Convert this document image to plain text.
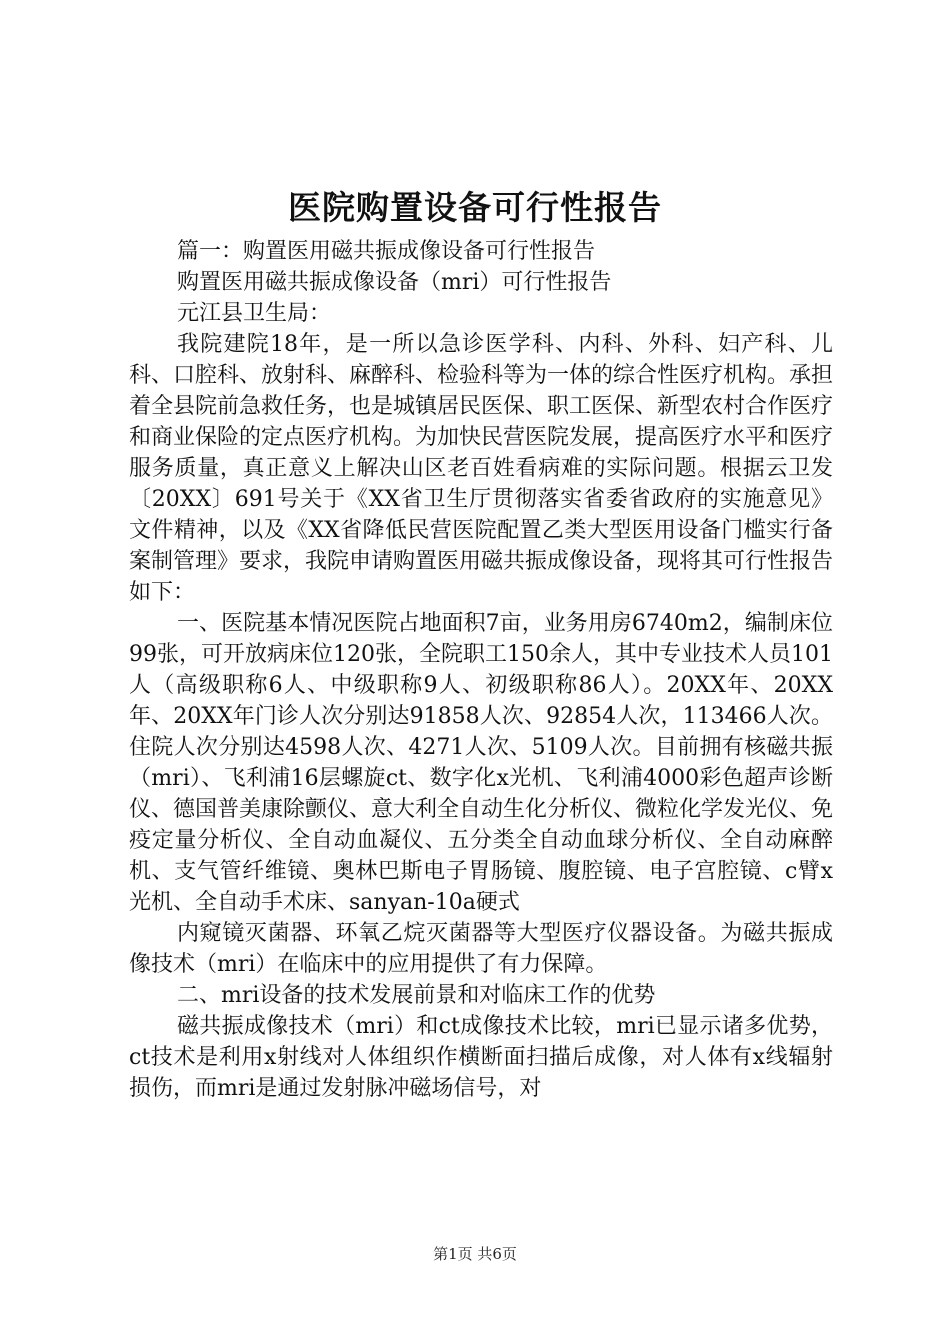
医院购置设备可行性报告

篇一：购置医用磁共振成像设备可行性报告

购置医用磁共振成像设备（mri）可行性报告

元江县卫生局：

我院建院18年，是一所以急诊医学科、内科、外科、妇产科、儿科、口腔科、放射科、麻醉科、检验科等为一体的综合性医疗机构。承担着全县院前急救任务，也是城镇居民医保、职工医保、新型农村合作医疗和商业保险的定点医疗机构。为加快民营医院发展，提高医疗水平和医疗服务质量，真正意义上解决山区老百姓看病难的实际问题。根据云卫发〔20XX〕691号关于《XX省卫生厅贯彻落实省委省政府的实施意见》文件精神，以及《XX省降低民营医院配置乙类大型医用设备门槛实行备案制管理》要求，我院申请购置医用磁共振成像设备，现将其可行性报告如下：

一、医院基本情况医院占地面积7亩，业务用房6740m2，编制床位99张，可开放病床位120张，全院职工150余人，其中专业技术人员101人（高级职称6人、中级职称9人、初级职称86人）。20XX年、20XX年、20XX年门诊人次分别达91858人次、92854人次，113466人次。住院人次分别达4598人次、4271人次、5109人次。目前拥有核磁共振（mri）、飞利浦16层螺旋ct、数字化x光机、飞利浦4000彩色超声诊断仪、德国普美康除颤仪、意大利全自动生化分析仪、微粒化学发光仪、免疫定量分析仪、全自动血凝仪、五分类全自动血球分析仪、全自动麻醉机、支气管纤维镜、奥林巴斯电子胃肠镜、腹腔镜、电子宫腔镜、c臂x光机、全自动手术床、sanyan-10a硬式

内窥镜灭菌器、环氧乙烷灭菌器等大型医疗仪器设备。为磁共振成像技术（mri）在临床中的应用提供了有力保障。

二、mri设备的技术发展前景和对临床工作的优势

磁共振成像技术（mri）和ct成像技术比较，mri已显示诸多优势，ct技术是利用x射线对人体组织作横断面扫描后成像，对人体有x线辐射损伤，而mri是通过发射脉冲磁场信号，对

第1页 共6页
